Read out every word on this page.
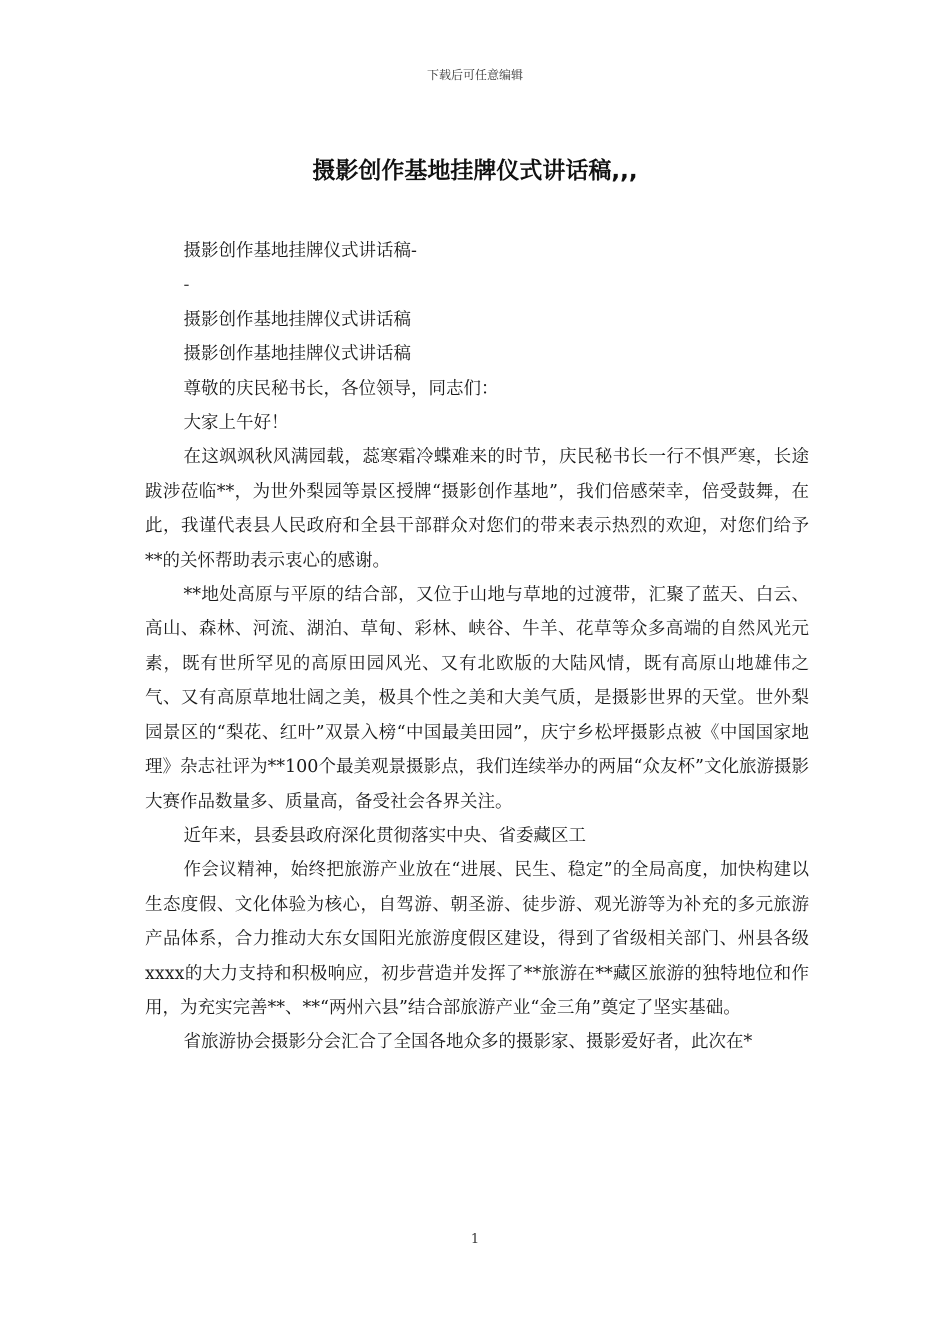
下载后可任意编辑
摄影创作基地挂牌仪式讲话稿,,,

摄影创作基地挂牌仪式讲话稿-

-

摄影创作基地挂牌仪式讲话稿

摄影创作基地挂牌仪式讲话稿

尊敬的庆民秘书长，各位领导，同志们：

大家上午好！

在这飒飒秋风满园载，蕊寒霜冷蝶难来的时节，庆民秘书长一行不惧严寒，长途跋涉莅临**，为世外梨园等景区授牌“摄影创作基地”，我们倍感荣幸，倍受鼓舞，在此，我谨代表县人民政府和全县干部群众对您们的带来表示热烈的欢迎，对您们给予**的关怀帮助表示衷心的感谢。

**地处高原与平原的结合部，又位于山地与草地的过渡带，汇聚了蓝天、白云、高山、森林、河流、湖泊、草甸、彩林、峡谷、牛羊、花草等众多高端的自然风光元素，既有世所罕见的高原田园风光、又有北欧版的大陆风情，既有高原山地雄伟之气、又有高原草地壮阔之美，极具个性之美和大美气质，是摄影世界的天堂。世外梨园景区的“梨花、红叶”双景入榜“中国最美田园”，庆宁乡松坪摄影点被《中国国家地理》杂志社评为**100个最美观景摄影点，我们连续举办的两届“众友杯”文化旅游摄影大赛作品数量多、质量高，备受社会各界关注。

近年来，县委县政府深化贯彻落实中央、省委藏区工

作会议精神，始终把旅游产业放在“进展、民生、稳定”的全局高度，加快构建以生态度假、文化体验为核心，自驾游、朝圣游、徒步游、观光游等为补充的多元旅游产品体系，合力推动大东女国阳光旅游度假区建设，得到了省级相关部门、州县各级xxxx的大力支持和积极响应，初步营造并发挥了**旅游在**藏区旅游的独特地位和作用，为充实完善**、**“两州六县”结合部旅游产业“金三角”奠定了坚实基础。

省旅游协会摄影分会汇合了全国各地众多的摄影家、摄影爱好者，此次在*

1
